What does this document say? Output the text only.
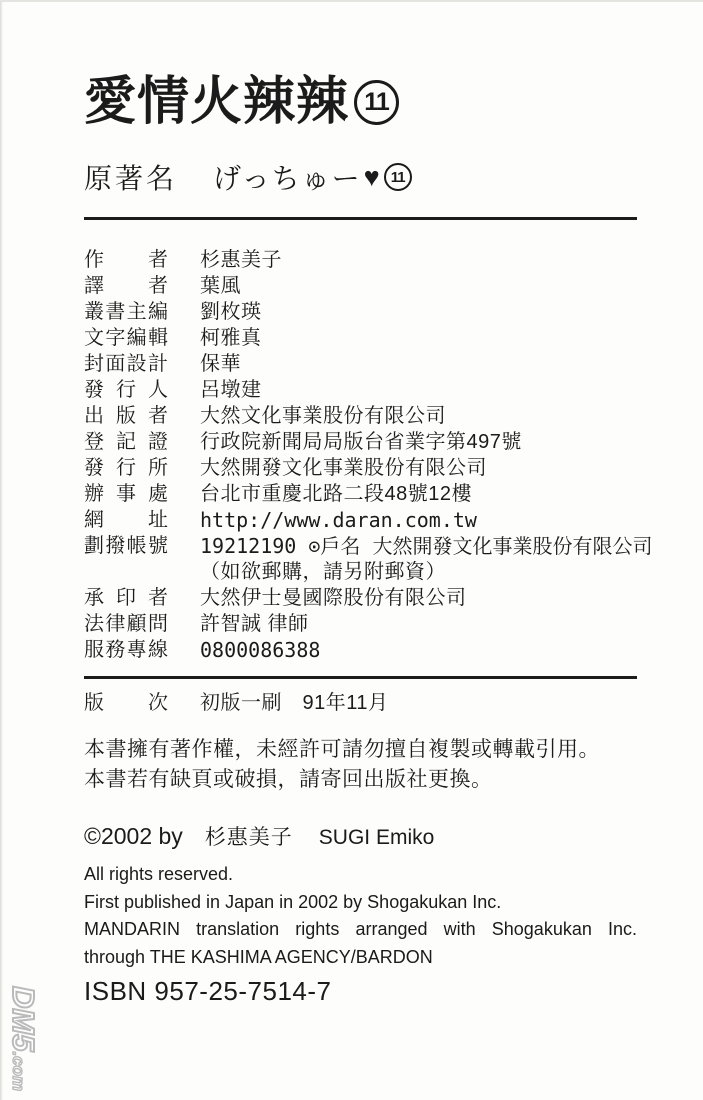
愛情火辣辣 11
原著名 げっちゅー ♥ 11
作 者 杉惠美子
譯 者 葉風
叢 書 主 編 劉枚瑛
文 字 編 輯 柯雅真
封 面 設 計 保華
發 行 人 呂墩建
出 版 者 大然文化事業股份有限公司
登 記 證 行政院新聞局局版台省業字第497號
發 行 所 大然開發文化事業股份有限公司
辦 事 處 台北市重慶北路二段48號12樓
網 址 http://www.daran.com.tw
劃 撥 帳 號 19212190 ⊙戶名 大然開發文化事業股份有限公司
（如欲郵購，請另附郵資）
承 印 者 大然伊士曼國際股份有限公司
法 律 顧 問 許智誠 律師
服 務 專 線 0800086388
版 次 初版一刷　91年11月
本書擁有著作權，未經許可請勿擅自複製或轉載引用。
本書若有缺頁或破損，請寄回出版社更換。
©2002 by 杉惠美子 SUGI Emiko
All rights reserved.
First published in Japan in 2002 by Shogakukan Inc.
MANDARIN translation rights arranged with Shogakukan Inc.
through THE KASHIMA AGENCY/BARDON
ISBN 957-25-7514-7
DM5.com
